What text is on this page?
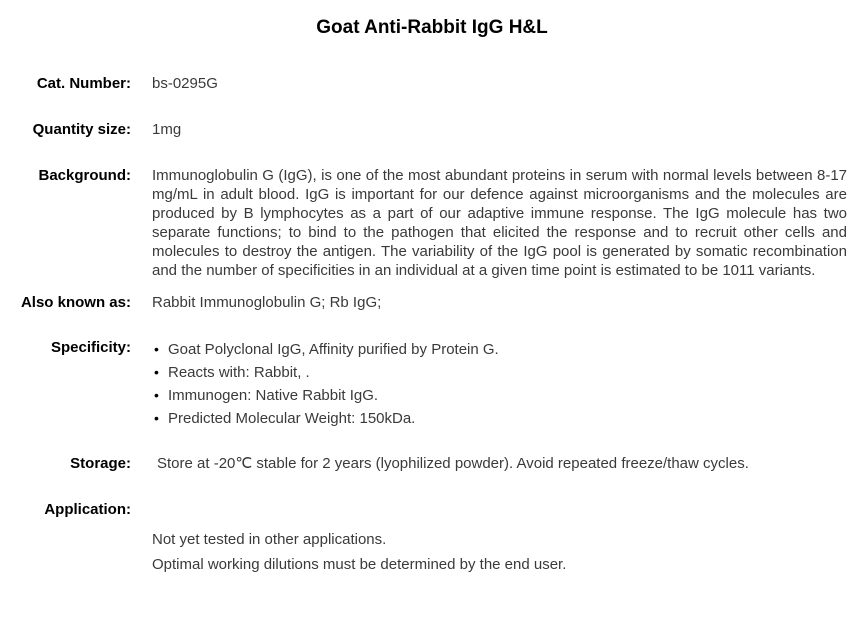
Goat Anti-Rabbit IgG H&L
Cat. Number: bs-0295G
Quantity size: 1mg
Background: Immunoglobulin G (IgG), is one of the most abundant proteins in serum with normal levels between 8-17 mg/mL in adult blood. IgG is important for our defence against microorganisms and the molecules are produced by B lymphocytes as a part of our adaptive immune response. The IgG molecule has two separate functions; to bind to the pathogen that elicited the response and to recruit other cells and molecules to destroy the antigen. The variability of the IgG pool is generated by somatic recombination and the number of specificities in an individual at a given time point is estimated to be 1011 variants.
Also known as: Rabbit Immunoglobulin G; Rb IgG;
Specificity:	• Goat Polyclonal IgG, Affinity purified by Protein G.
• Reacts with: Rabbit, .
• Immunogen: Native Rabbit IgG.
• Predicted Molecular Weight: 150kDa.
Storage:	Store at -20℃ stable for 2 years (lyophilized powder). Avoid repeated freeze/thaw cycles.
Application:
Not yet tested in other applications.
Optimal working dilutions must be determined by the end user.
